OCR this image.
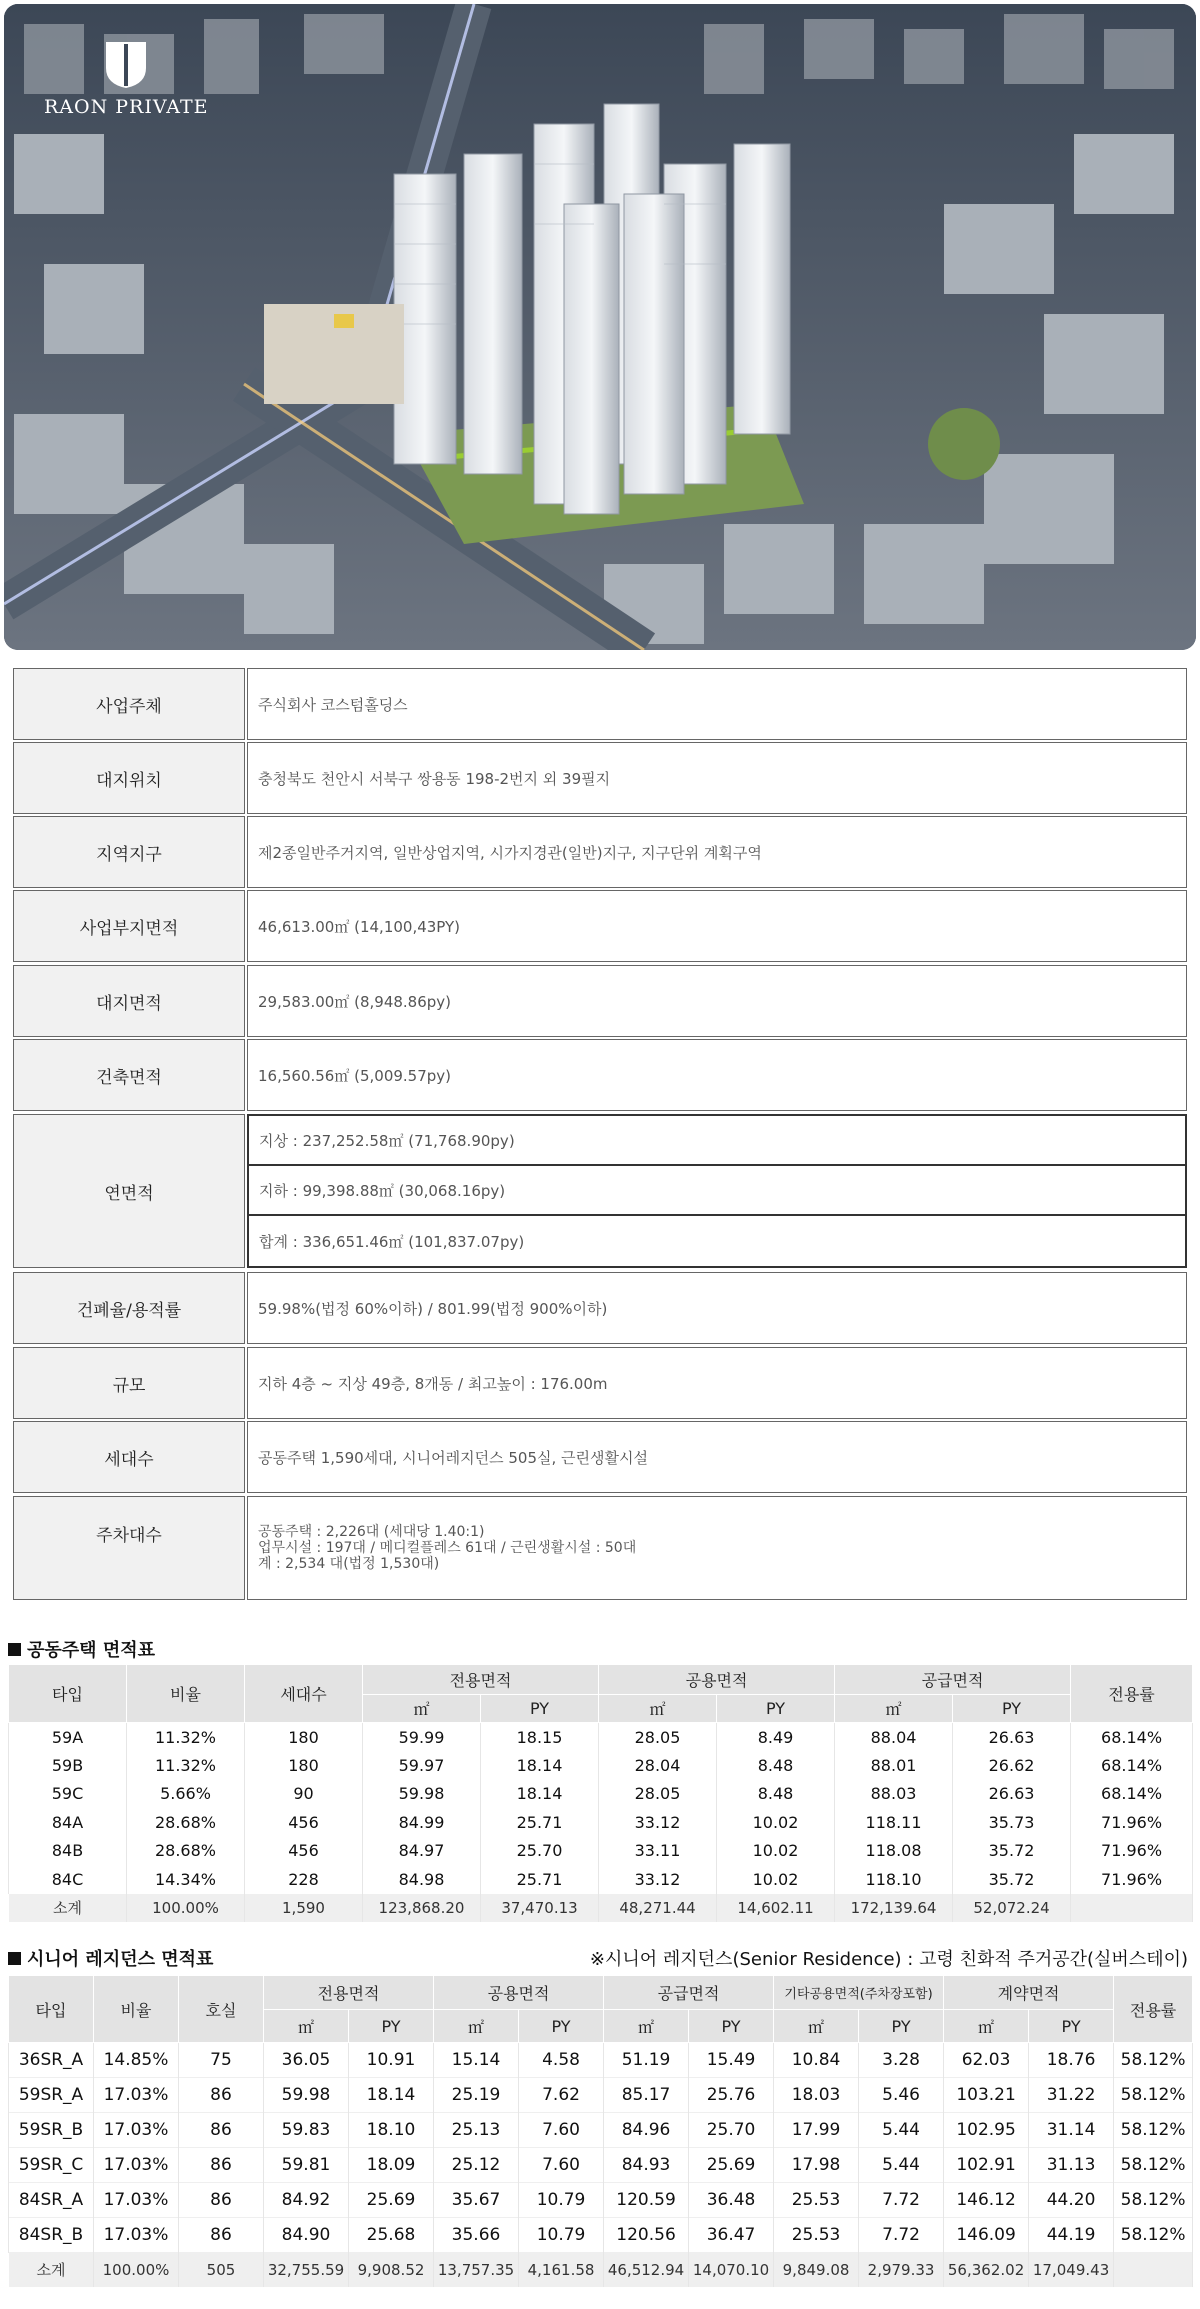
RAON PRIVATE
사업주체	주식회사 코스텀홀딩스
대지위치	충청북도 천안시 서북구 쌍용동 198-2번지 외 39필지
지역지구	제2종일반주거지역, 일반상업지역, 시가지경관(일반)지구, 지구단위 계획구역
사업부지면적	46,613.00㎡ (14,100,43PY)
대지면적	29,583.00㎡ (8,948.86py)
건축면적	16,560.56㎡ (5,009.57py)
연면적
지상 : 237,252.58㎡ (71,768.90py)
지하 : 99,398.88㎡ (30,068.16py)
합계 : 336,651.46㎡ (101,837.07py)
건폐율/용적률	59.98%(법정 60%이하) / 801.99(법정 900%이하)
규모	지하 4층 ~ 지상 49층, 8개동 / 최고높이 : 176.00m
세대수	공동주택 1,590세대, 시니어레지던스 505실, 근린생활시설
주차대수	공동주택 : 2,226대 (세대당 1.40:1)
업무시설 : 197대 / 메디컬플레스 61대 / 근린생활시설 : 50대
계 : 2,534 대(법정 1,530대)
공동주택 면적표
타입	비율	세대수	전용면적		공용면적		공급면적		전용률
			㎡	PY	㎡	PY	㎡	PY	
59A	11.32%	180	59.99	18.15	28.05	8.49	88.04	26.63	68.14%
59B	11.32%	180	59.97	18.14	28.04	8.48	88.01	26.62	68.14%
59C	5.66%	90	59.98	18.14	28.05	8.48	88.03	26.63	68.14%
84A	28.68%	456	84.99	25.71	33.12	10.02	118.11	35.73	71.96%
84B	28.68%	456	84.97	25.70	33.11	10.02	118.08	35.72	71.96%
84C	14.34%	228	84.98	25.71	33.12	10.02	118.10	35.72	71.96%
소계	100.00%	1,590	123,868.20	37,470.13	48,271.44	14,602.11	172,139.64	52,072.24	
시니어 레지던스 면적표	※시니어 레지던스(Senior Residence) : 고령 친화적 주거공간(실버스테이)
타입	비율	호실	전용면적		공용면적		공급면적		기타공용면적(주차장포함)		계약면적		전용률
			㎡	PY	㎡	PY	㎡	PY	㎡	PY	㎡	PY	
36SR_A	14.85%	75	36.05	10.91	15.14	4.58	51.19	15.49	10.84	3.28	62.03	18.76	58.12%
59SR_A	17.03%	86	59.98	18.14	25.19	7.62	85.17	25.76	18.03	5.46	103.21	31.22	58.12%
59SR_B	17.03%	86	59.83	18.10	25.13	7.60	84.96	25.70	17.99	5.44	102.95	31.14	58.12%
59SR_C	17.03%	86	59.81	18.09	25.12	7.60	84.93	25.69	17.98	5.44	102.91	31.13	58.12%
84SR_A	17.03%	86	84.92	25.69	35.67	10.79	120.59	36.48	25.53	7.72	146.12	44.20	58.12%
84SR_B	17.03%	86	84.90	25.68	35.66	10.79	120.56	36.47	25.53	7.72	146.09	44.19	58.12%
소계	100.00%	505	32,755.59	9,908.52	13,757.35	4,161.58	46,512.94	14,070.10	9,849.08	2,979.33	56,362.02	17,049.43	
